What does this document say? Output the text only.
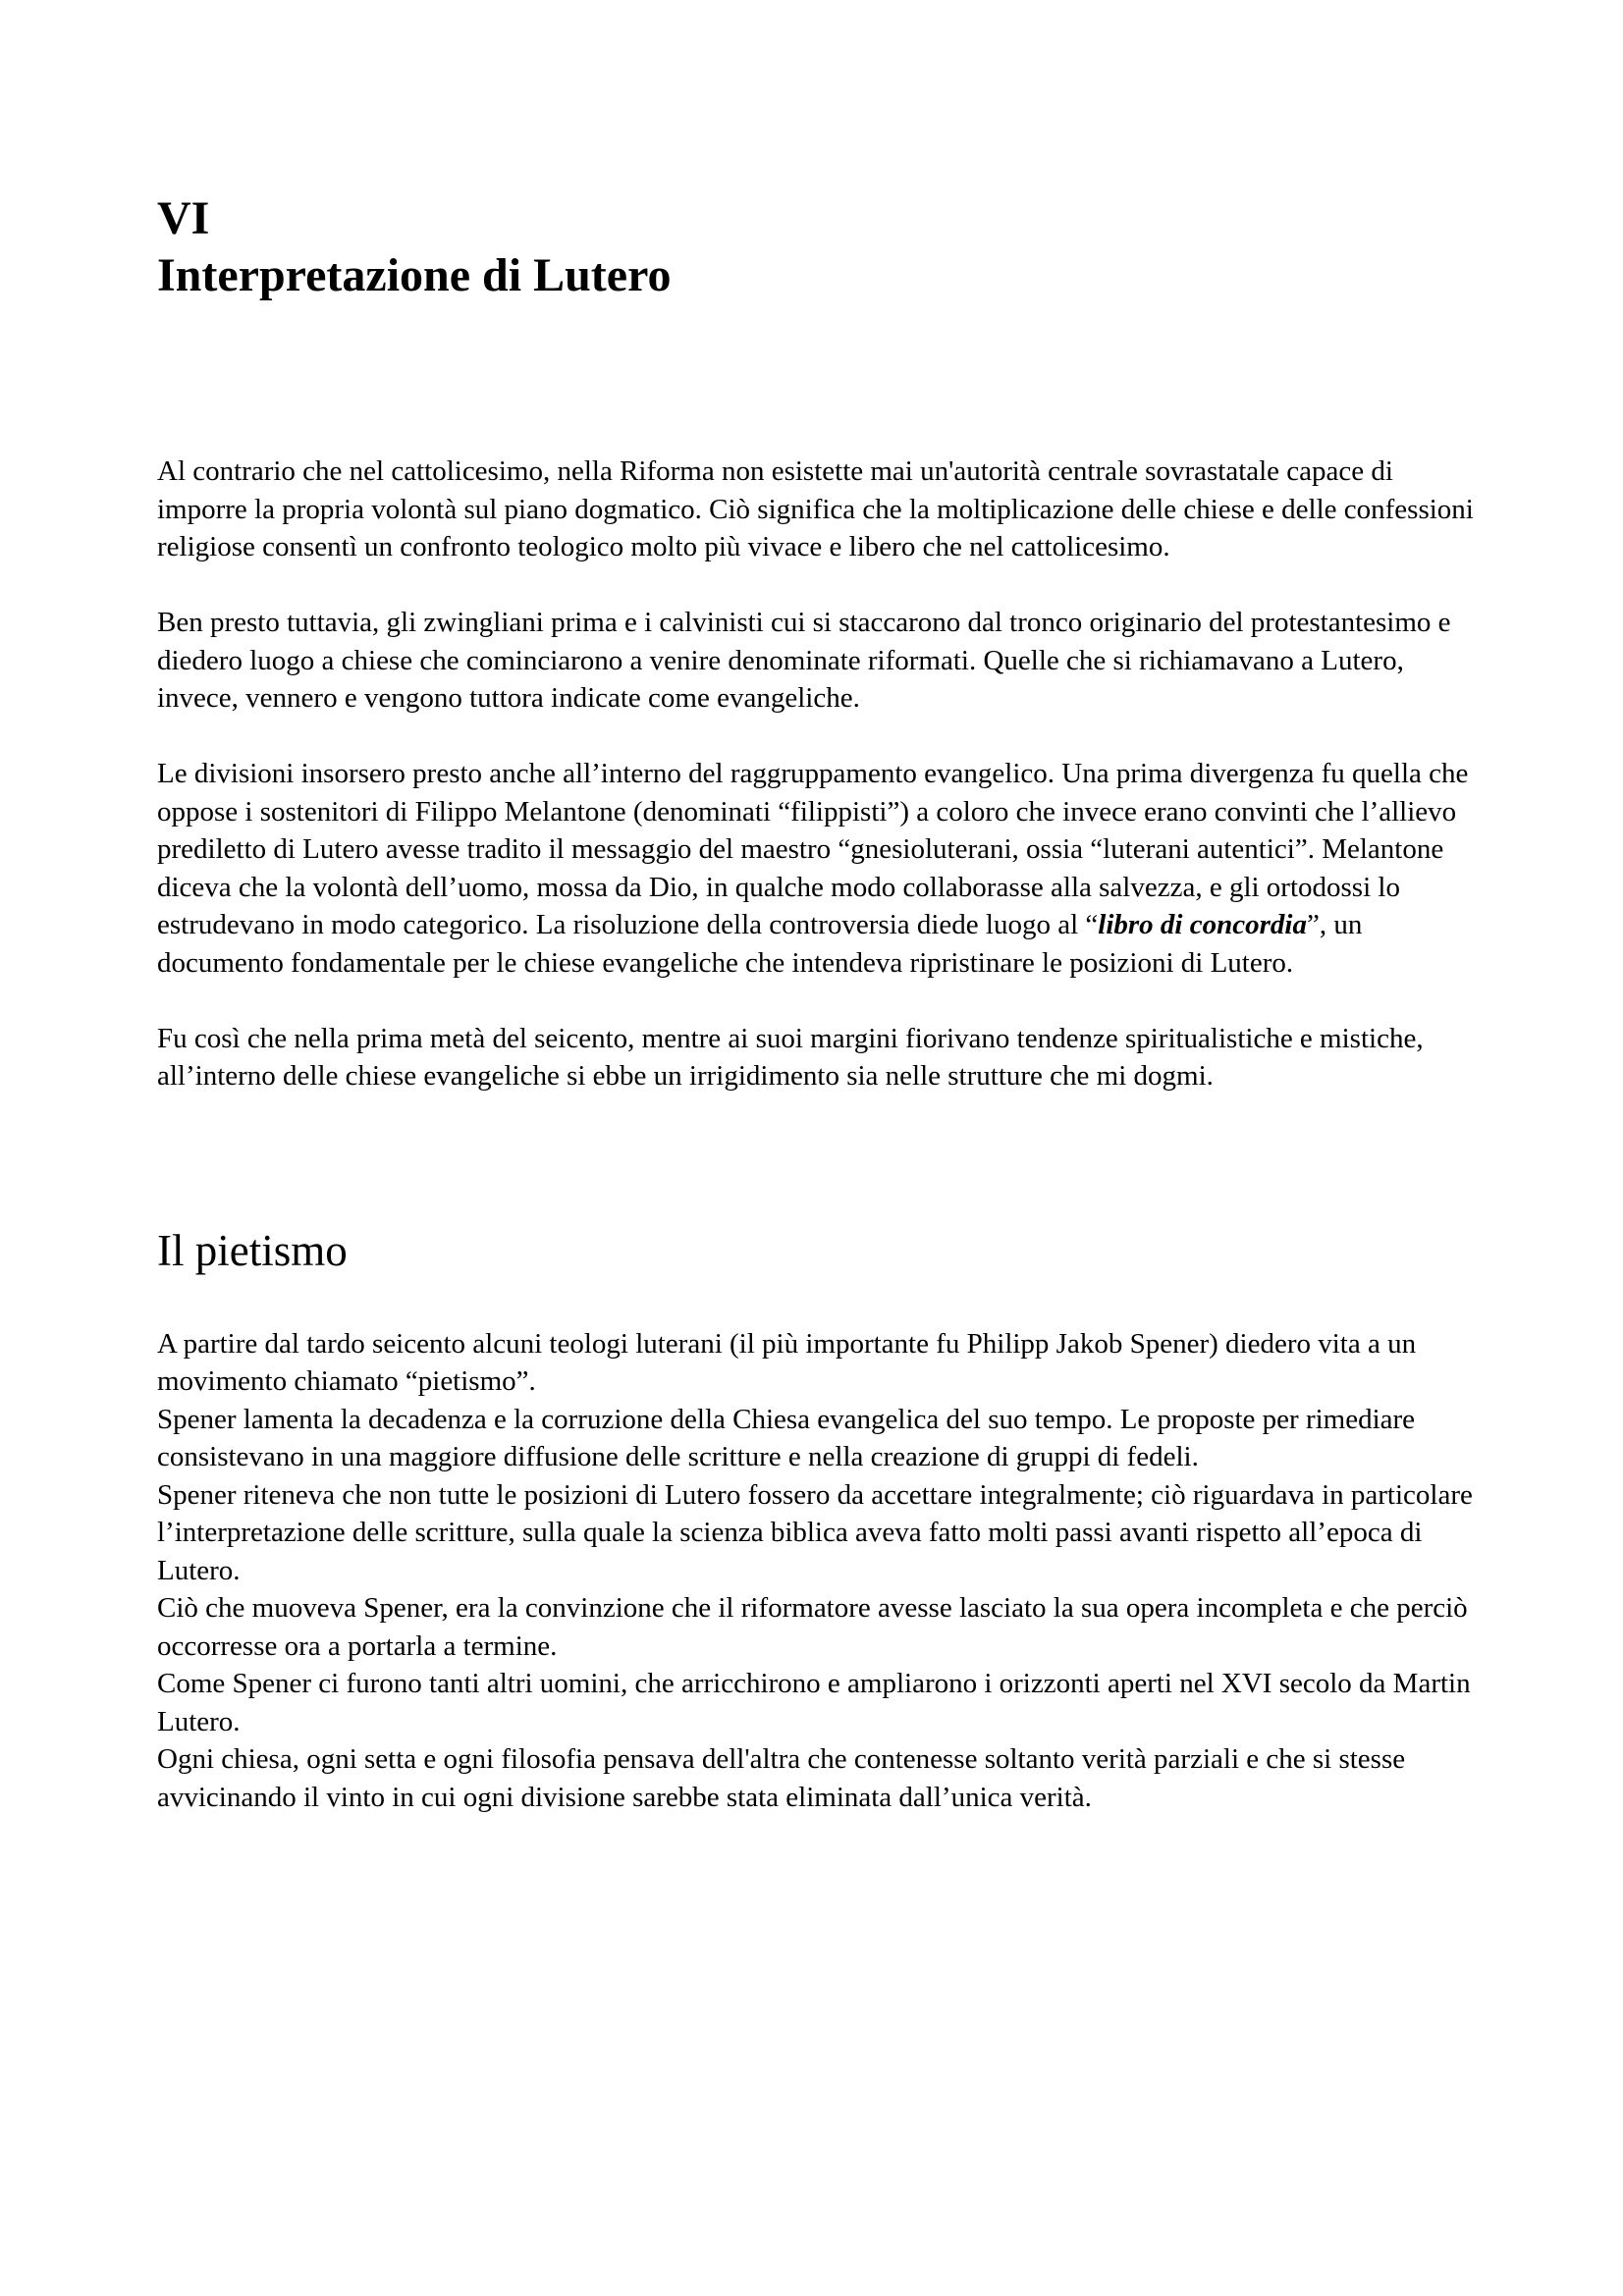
VI
Interpretazione di Lutero

Al contrario che nel cattolicesimo, nella Riforma non esistette mai un'autorità centrale sovrastatale capace di imporre la propria volontà sul piano dogmatico. Ciò significa che la moltiplicazione delle chiese e delle confessioni religiose consentì un confronto teologico molto più vivace e libero che nel cattolicesimo.

Ben presto tuttavia, gli zwingliani prima e i calvinisti cui si staccarono dal tronco originario del protestantesimo e diedero luogo a chiese che cominciarono a venire denominate riformati. Quelle che si richiamavano a Lutero, invece, vennero e vengono tuttora indicate come evangeliche.

Le divisioni insorsero presto anche all’interno del raggruppamento evangelico. Una prima divergenza fu quella che oppose i sostenitori di Filippo Melantone (denominati “filippisti”) a coloro che invece erano convinti che l’allievo prediletto di Lutero avesse tradito il messaggio del maestro “gnesioluterani, ossia “luterani autentici”. Melantone diceva che la volontà dell’uomo, mossa da Dio, in qualche modo collaborasse alla salvezza, e gli ortodossi lo estrudevano in modo categorico. La risoluzione della controversia diede luogo al “libro di concordia”, un documento fondamentale per le chiese evangeliche che intendeva ripristinare le posizioni di Lutero.

Fu così che nella prima metà del seicento, mentre ai suoi margini fiorivano tendenze spiritualistiche e mistiche, all’interno delle chiese evangeliche si ebbe un irrigidimento sia nelle strutture che mi dogmi.

Il pietismo

A partire dal tardo seicento alcuni teologi luterani (il più importante fu Philipp Jakob Spener) diedero vita a un movimento chiamato “pietismo”.

Spener lamenta la decadenza e la corruzione della Chiesa evangelica del suo tempo. Le proposte per rimediare consistevano in una maggiore diffusione delle scritture e nella creazione di gruppi di fedeli.

Spener riteneva che non tutte le posizioni di Lutero fossero da accettare integralmente; ciò riguardava in particolare l’interpretazione delle scritture, sulla quale la scienza biblica aveva fatto molti passi avanti rispetto all’epoca di Lutero.

Ciò che muoveva Spener, era la convinzione che il riformatore avesse lasciato la sua opera incompleta e che perciò occorresse ora a portarla a termine.

Come Spener ci furono tanti altri uomini, che arricchirono e ampliarono i orizzonti aperti nel XVI secolo da Martin Lutero.

Ogni chiesa, ogni setta e ogni filosofia pensava dell'altra che contenesse soltanto verità parziali e che si stesse avvicinando il vinto in cui ogni divisione sarebbe stata eliminata dall’unica verità.
